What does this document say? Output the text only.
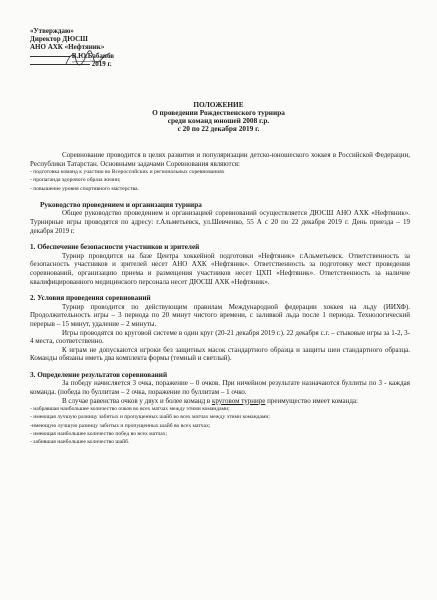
«Утверждаю»
Директор ДЮСШ
АНО АХК «Нефтяник»
В.Ю.Бабанов
2019 г.
ПОЛОЖЕНИЕ
О проведении Рождественского турнира
среди команд юношей 2008 г.р.
с 20 по 22 декабря 2019 г.

Соревнование проводится в целях развития и популяризации детско-юношеского хоккея в Российской Федерации, Республики Татарстан. Основными задачами Соревнования являются:

- подготовка команд к участию во Всероссийских и региональных соревнованиях
- пропаганда здорового образа жизни;
- повышение уровня спортивного мастерства.
Руководство проведением и организация турнира

Общее руководство проведением и организацией соревнований осуществляется ДЮСШ АНО АХК «Нефтяник». Турнирные игры проводятся по адресу: г.Альметьевск, ул.Шевченко, 55 А с 20 по 22 декабря 2019 г. День приезда – 19 декабря 2019 г.

1. Обеспечение безопасности участников и зрителей

Турнир проводится на базе Центра хоккейной подготовки «Нефтяник» г.Альметьевск. Ответственность за безопасность участников и зрителей несет АНО АХК «Нефтяник». Ответственность за подготовку мест проведения соревнований, организацию приема и размещения участников несет ЦХП «Нефтяник». Ответственность за наличие квалифицированного медицинского персонала несет ДЮСШ АХК «Нефтяник».

2. Условия проведения соревнований

Турнир проводится по действующим правилам Международной федерации хоккея на льду (ИИХФ). Продолжительность игры – 3 периода по 20 минут чистого времени, с заливкой льда после 1 периода. Технологический перерыв – 15 минут, удаление – 2 минуты.

Игры проводятся по круговой системе в один круг (20-21 декабря 2019 г.). 22 декабря с.г. – стыковые игры за 1-2, 3-4 места, соответственно.

К играм не допускаются игроки без защитных масок стандартного образца и защиты шеи стандартного образца. Команды обязаны иметь два комплекта формы (темный и светлый).

3. Определение результатов соревнований

За победу начисляется 3 очка, поражение – 0 очков. При ничейном результате назначаются буллиты по 3 - каждая команда. (победа по буллитам – 2 очка, поражение по буллитам – 1 очко.

В случае равенства очков у двух и более команд в круговом турнире преимущество имеет команда:

- набравшая наибольшее количество очков во всех матчах между этими командами;
- имеющая лучшую разницу забитых и пропущенных шайб во всех матчах между этими командами;
-имеющую лучшую разницу забитых и пропущенных шайб во всех матчах;
- имеющая наибольшее количество побед во всех матчах;
- забившая наибольшее количество шайб.
